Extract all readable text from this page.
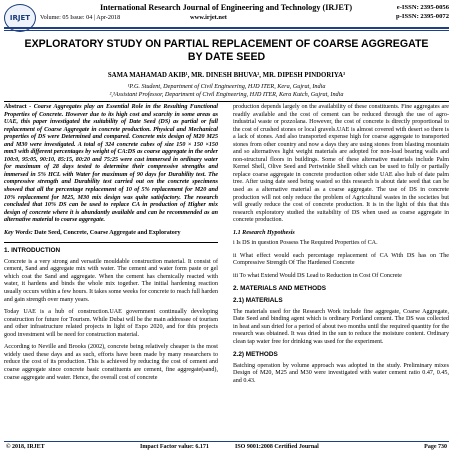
IRJET
International Research Journal of Engineering and Technology (IRJET)	e-ISSN: 2395-0056
p-ISSN: 2395-0072
Volume: 05 Issue: 04 | Apr-2018	www.irjet.net
EXPLORATORY STUDY ON PARTIAL REPLACEMENT OF COARSE AGGREGATE BY DATE SEED
SAMA MAHAMAD AKIB¹, MR. DINESH BHUVA², MR. DIPESH PINDORIYA³
¹P.G. Student, Department of Civil Engineering, HJD ITER, Kera, Gujrat, India
²,³Assistant Professor, Department of Civil Engineering, HJD ITER, Kera Kutch, Gujrat, India

Abstract - Coarse Aggregates play an Essential Role in the Resulting Functional Properties of Concrete. However due to its high cost and scarcity in some areas as UAE, this paper investigated the suitability of Date Seed (DS) as partial or full replacement of Coarse Aggregate in concrete production. Physical and Mechanical properties of DS were Determined and compared. Concrete mix design of M20 M25 and M30 were investigated. A total of 324 concrete cubes of size 150 × 150 ×150 mm3 with different percentages by weight of CA:DS as coarse aggregate in the order 100:0, 95:05, 90:10, 85:15, 80:20 and 75:25 were cast immersed in ordinary water for maximum of 28 days tested to determine their compressive strengths and immersed in 5% HCL with Water for maximum of 90 days for Durability test. The compressive strength and Durability test carried out on the concrete specimens showed that all the percentage replacement of 10 of 5% replacement for M20 and 10% replacement for M25, M30 mix design was quite satisfactory. The research concluded that 10% DS can be used to replace CA in production of Higher mix design of concrete where it is abundantly available and can be recommended as an alternative material to coarse aggregate.

Key Words: Date Seed, Concrete, Coarse Aggregate and Exploratory

1. INTRODUCTION

Concrete is a very strong and versatile mouldable construction material. It consist of cement, Sand and aggregate mix with water. The cement and water form paste or gel which coat the Sand and aggregate. When the cement has chemically reacted with water, it hardens and binds the whole mix together. The initial hardening reaction usually occurs within a few hours. It takes some weeks for concrete to reach full harden and gain strength over many years.

Today UAE is a hub of construction.UAE government continually developing construction for future for Tourism. While Dubai will be the main addressee of tourism and other infrastructure related projects in light of Expo 2020, and for this projects good investment will be need for construction material.

According to Neville and Brooks (2002), concrete being relatively cheaper is the most widely used these days and as such, efforts have been made by many researchers to reduce the cost of its production. This is achieved by reducing the cost of cement and coarse aggregate since concrete basic constituents are cement, fine aggregate(sand), coarse aggregate and water. Hence, the overall cost of concrete

production depends largely on the availability of these constituents. Fine aggregates are readily available and the cost of cement can be reduced through the use of agro-industrial waste or pozzolana. However, the cost of concrete is directly proportional to the cost of crushed stones or local gravels.UAE is almost covered with desert so there is a lack of stones. And also transported expense high for coarse aggregate to transported stones from other country and now a days they are using stones from blasting mountain and so alternatives light weight materials are adopted for non-load bearing walls and non-structural floors in buildings. Some of these alternative materials include Palm Kernel Shell, Olive Seed and Periwinkle Shell which can be used to fully or partially replace coarse aggregate in concrete production other side UAE also hub of date palm tree. After using date seed being wasted so this research is about date seed that can be used as a alternative material as a coarse aggregate. The use of DS in concrete production will not only reduce the problem of Agricultural wastes in the societies but will greatly reduce the cost of concrete production. It is in the light of this that this research exploratory studied the suitability of DS when used as coarse aggregate in concrete production.

1.1 Research Hypothesis

i Is DS in question Possess The Required Properties of CA.

ii What effect would each percentage replacement of CA With DS has on The Compressive Strength Of The Hardened Concrete

iii To what Extend Would DS Lead to Reduction in Cost Of Concrete

2. MATERIALS AND METHODS
2.1) MATERIALS

The materials used for the Research Work include fine aggregate, Coarse Aggregate, Date Seed and binding agent which is ordinary Portland cement. The DS was collected in heat and sun dried for a period of about two months until the required quantity for the research was obtained. It was dried in the sun to reduce the moisture content. Ordinary clean tap water free for drinking was used for the experiment.

2.2) METHODS

Batching operation by volume approach was adopted in the study. Preliminary mixes Design of M20, M25 and M30 were investigated with water cement ratio 0.47, 0.45, and 0.43.

© 2018, IRJET	Impact Factor value: 6.171	ISO 9001:2008 Certified Journal	Page 730
